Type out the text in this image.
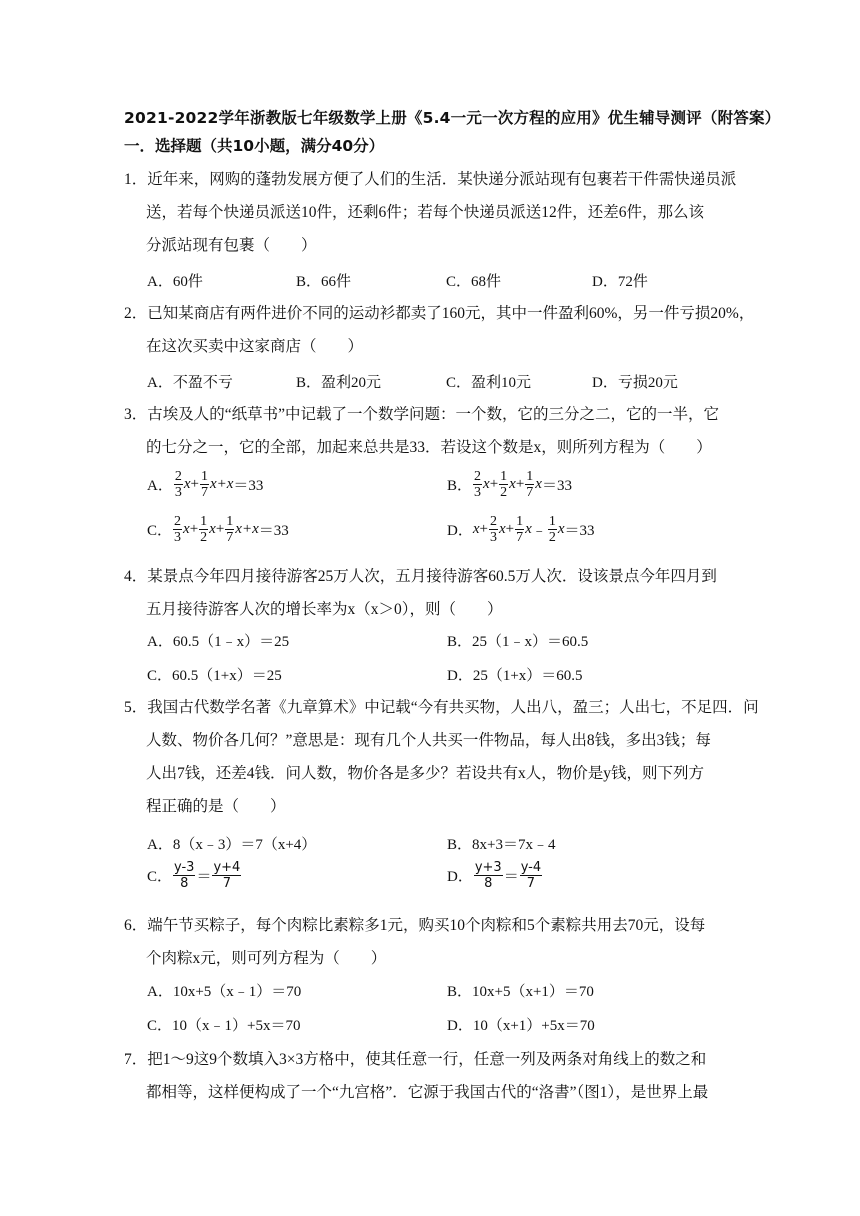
2021-2022学年浙教版七年级数学上册《5.4一元一次方程的应用》优生辅导测评（附答案）
一．选择题（共10小题，满分40分）
1．近年来，网购的蓬勃发展方便了人们的生活．某快递分派站现有包裹若干件需快递员派
送，若每个快递员派送10件，还剩6件；若每个快递员派送12件，还差6件，那么该
分派站现有包裹（　　）
A．60件	B．66件	C．68件	D．72件
2．已知某商店有两件进价不同的运动衫都卖了160元，其中一件盈利60%，另一件亏损20%，
在这次买卖中这家商店（　　）
A．不盈不亏	B．盈利20元	C．盈利10元	D．亏损20元
3．古埃及人的“纸草书”中记载了一个数学问题：一个数，它的三分之二，它的一半，它
的七分之一，它的全部，加起来总共是33．若设这个数是x，则所列方程为（　　）
A． $\frac{2}{3}$ $x + \frac{1}{7} x+x =33$	B． $\frac{2}{3}$ $x + \frac{1}{2}$ $x + \frac{1}{7}$ x ＝33
C． $\frac{2}{3}$ $x + \frac{1}{2}$ $x + \frac{1}{7} x+x =33$	D． $x + \frac{2}{3}$ $x + \frac{1}{7}$ x ﹣ $\frac{1}{2}$ x ＝33
4．某景点今年四月接待游客25万人次，五月接待游客60.5万人次．设该景点今年四月到
五月接待游客人次的增长率为x（x＞0），则（　　）
A．60.5（1﹣x）＝25	B．25（1﹣x）＝60.5
C．60.5（1+x）＝25	D．25（1+x）＝60.5
5．我国古代数学名著《九章算术》中记载“今有共买物，人出八，盈三；人出七，不足四．问
人数、物价各几何？”意思是：现有几个人共买一件物品，每人出8钱，多出3钱；每
人出7钱，还差4钱．问人数，物价各是多少？若设共有x人，物价是y钱，则下列方
程正确的是（　　）
A．8（x﹣3）＝7（x+4）	B．8x+3＝7x﹣4
C． $\frac{y-3}{8} = \frac{y+4}{7}$	D． $\frac{y+3}{8} = \frac{y-4}{7}$
6．端午节买粽子，每个肉粽比素粽多1元，购买10个肉粽和5个素粽共用去70元，设每
个肉粽x元，则可列方程为（　　）
A．10x+5（x﹣1）＝70	B．10x+5（x+1）＝70
C．10（x﹣1）+5x＝70	D．10（x+1）+5x＝70
7．把1～9这9个数填入3×3方格中，使其任意一行，任意一列及两条对角线上的数之和
都相等，这样便构成了一个“九宫格”．它源于我国古代的“洛書”（图1），是世界上最
